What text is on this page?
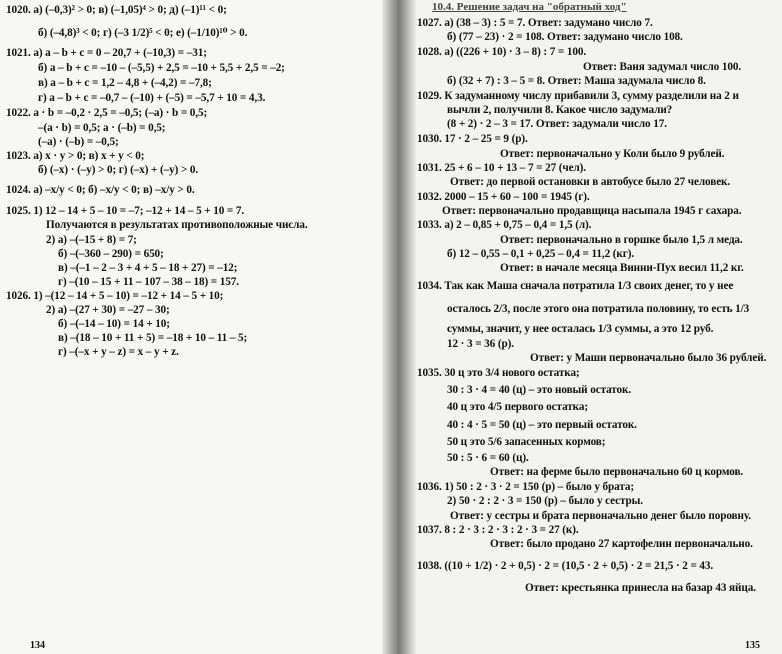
10.4. Решение задач на "обратный ход"
1020. а) (–0,3)² > 0; в) (–1,05)⁴ > 0; д) (–1)¹¹ < 0;
б) (–4,8)³ < 0; г) (–3 1/2)⁵ < 0; е) (–1/10)¹⁰ > 0.
1021. а) a – b + c = 0 – 20,7 + (–10,3) = –31;
б) a – b + c = –10 – (–5,5) + 2,5 = –10 + 5,5 + 2,5 = –2;
в) a – b + c = 1,2 – 4,8 + (–4,2) = –7,8;
г) a – b + c = –0,7 – (–10) + (–5) = –5,7 + 10 = 4,3.
1022. a · b = –0,2 · 2,5 = –0,5; (–a) · b = 0,5;
–(a · b) = 0,5; a · (–b) = 0,5;
(–a) · (–b) = –0,5;
1023. а) x · y > 0; в) x + y < 0;
б) (–x) · (–y) > 0; г) (–x) + (–y) > 0.
1024. а) –x/y < 0; б) –x/y < 0; в) –x/y > 0.
1025. 1) 12 – 14 + 5 – 10 = –7; –12 + 14 – 5 + 10 = 7.
Получаются в результатах противоположные числа.
2) а) –(–15 + 8) = 7;
б) –(–360 – 290) = 650;
в) –(–1 – 2 – 3 + 4 + 5 – 18 + 27) = –12;
г) –(10 – 15 + 11 – 107 – 38 – 18) = 157.
1026. 1) –(12 – 14 + 5 – 10) = –12 + 14 – 5 + 10;
2) а) –(27 + 30) = –27 – 30;
б) –(–14 – 10) = 14 + 10;
в) –(18 – 10 + 11 + 5) = –18 + 10 – 11 – 5;
г) –(–x + y – z) = x – y + z.
134
1027. а) (38 – 3) : 5 = 7. Ответ: задумано число 7.
б) (77 – 23) · 2 = 108. Ответ: задумано число 108.
1028. а) ((226 + 10) · 3 – 8) : 7 = 100.
Ответ: Ваня задумал число 100.
б) (32 + 7) : 3 – 5 = 8. Ответ: Маша задумала число 8.
1029. К задуманному числу прибавили 3, сумму разделили на 2 и
вычли 2, получили 8. Какое число задумали?
(8 + 2) · 2 – 3 = 17. Ответ: задумали число 17.
1030. 17 · 2 – 25 = 9 (р).
Ответ: первоначально у Коли было 9 рублей.
1031. 25 + 6 – 10 + 13 – 7 = 27 (чел).
Ответ: до первой остановки в автобусе было 27 человек.
1032. 2000 – 15 + 60 – 100 = 1945 (г).
Ответ: первоначально продавщица насыпала 1945 г сахара.
1033. а) 2 – 0,85 + 0,75 – 0,4 = 1,5 (л).
Ответ: первоначально в горшке было 1,5 л меда.
б) 12 – 0,55 – 0,1 + 0,25 – 0,4 = 11,2 (кг).
Ответ: в начале месяца Винни-Пух весил 11,2 кг.
1034. Так как Маша сначала потратила 1/3 своих денег, то у нее
осталось 2/3, после этого она потратила половину, то есть 1/3
суммы, значит, у нее осталась 1/3 суммы, а это 12 руб.
12 · 3 = 36 (р).
Ответ: у Маши первоначально было 36 рублей.
1035. 30 ц это 3/4 нового остатка;
30 : 3 · 4 = 40 (ц) – это новый остаток.
40 ц это 4/5 первого остатка;
40 : 4 · 5 = 50 (ц) – это первый остаток.
50 ц это 5/6 запасенных кормов;
50 : 5 · 6 = 60 (ц).
Ответ: на ферме было первоначально 60 ц кормов.
1036. 1) 50 : 2 · 3 · 2 = 150 (р) – было у брата;
2) 50 · 2 : 2 · 3 = 150 (р) – было у сестры.
Ответ: у сестры и брата первоначально денег было поровну.
1037. 8 : 2 · 3 : 2 · 3 : 2 · 3 = 27 (к).
Ответ: было продано 27 картофелин первоначально.
1038. ((10 + 1/2) · 2 + 0,5) · 2 = (10,5 · 2 + 0,5) · 2 = 21,5 · 2 = 43.
Ответ: крестьянка принесла на базар 43 яйца.
135
